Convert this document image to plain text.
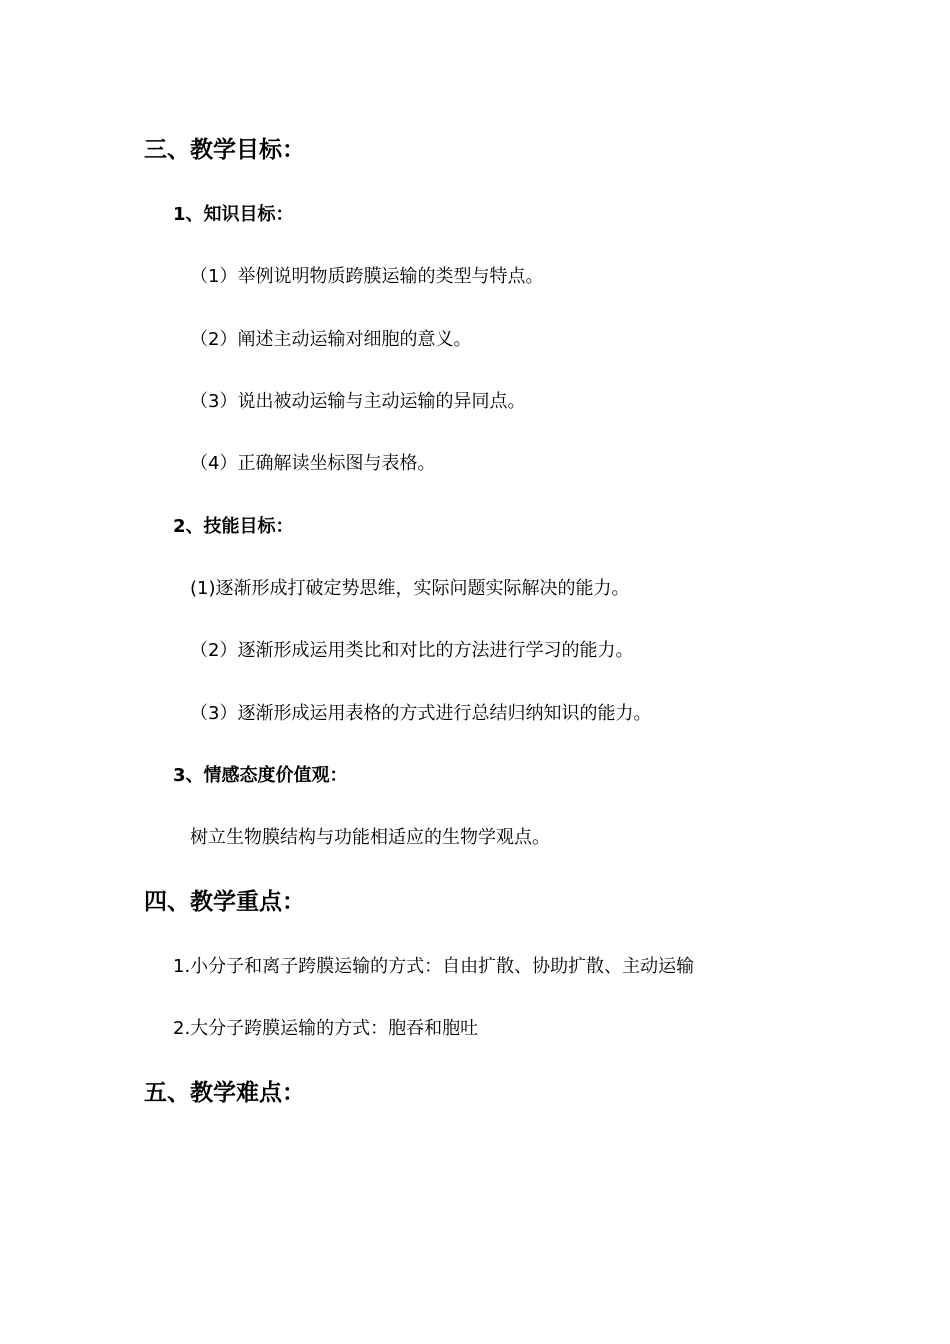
三、教学目标：
1、知识目标：
（1）举例说明物质跨膜运输的类型与特点。
（2）阐述主动运输对细胞的意义。
（3）说出被动运输与主动运输的异同点。
（4）正确解读坐标图与表格。
2、技能目标：
(1)逐渐形成打破定势思维，实际问题实际解决的能力。
（2）逐渐形成运用类比和对比的方法进行学习的能力。
（3）逐渐形成运用表格的方式进行总结归纳知识的能力。
3、情感态度价值观：
树立生物膜结构与功能相适应的生物学观点。
四、教学重点：
1.小分子和离子跨膜运输的方式：自由扩散、协助扩散、主动运输
2.大分子跨膜运输的方式：胞吞和胞吐
五、教学难点：
